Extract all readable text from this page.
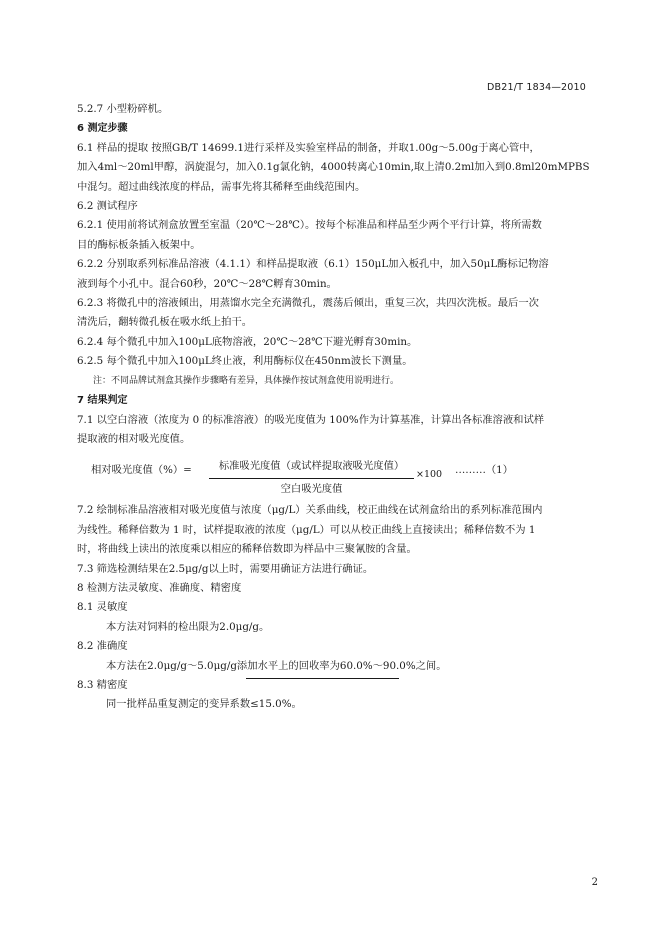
DB21/T 1834—2010
5.2.7 小型粉碎机。
6 测定步骤
6.1 样品的提取 按照GB/T 14699.1进行采样及实验室样品的制备，并取1.00g～5.00g于离心管中，
加入4ml～20ml甲醇，涡旋混匀，加入0.1g氯化钠，4000转离心10min,取上清0.2ml加入到0.8ml20mMPBS
中混匀。超过曲线浓度的样品，需事先将其稀释至曲线范围内。
6.2 测试程序
6.2.1 使用前将试剂盒放置至室温（20℃～28℃）。按每个标准品和样品至少两个平行计算，将所需数
目的酶标板条插入板架中。
6.2.2 分别取系列标准品溶液（4.1.1）和样品提取液（6.1）150μL加入板孔中，加入50μL酶标记物溶
液到每个小孔中。混合60秒，20℃～28℃孵育30min。
6.2.3 将微孔中的溶液倾出，用蒸馏水完全充满微孔，震荡后倾出，重复三次，共四次洗板。最后一次
清洗后，翻转微孔板在吸水纸上拍干。
6.2.4 每个微孔中加入100μL底物溶液，20℃～28℃下避光孵育30min。
6.2.5 每个微孔中加入100μL终止液，利用酶标仪在450nm波长下测量。
注：不同品牌试剂盒其操作步骤略有差异，具体操作按试剂盒使用说明进行。
7 结果判定
7.1 以空白溶液（浓度为 0 的标准溶液）的吸光度值为 100%作为计算基准，计算出各标准溶液和试样
提取液的相对吸光度值。
相对吸光度值（%）=	标准吸光度值（或试样提取液吸光度值）
空白吸光度值
×100 ………（1）
7.2 绘制标准品溶液相对吸光度值与浓度（μg/L）关系曲线，校正曲线在试剂盒给出的系列标准范围内
为线性。稀释倍数为 1 时，试样提取液的浓度（μg/L）可以从校正曲线上直接读出；稀释倍数不为 1
时，将曲线上读出的浓度乘以相应的稀释倍数即为样品中三聚氰胺的含量。
7.3 筛选检测结果在2.5μg/g以上时，需要用确证方法进行确证。
8 检测方法灵敏度、准确度、精密度
8.1 灵敏度
本方法对饲料的检出限为2.0μg/g。
8.2 准确度
本方法在2.0μg/g～5.0μg/g添加水平上的回收率为60.0%～90.0%之间。
8.3 精密度
同一批样品重复测定的变异系数≤15.0%。
2
